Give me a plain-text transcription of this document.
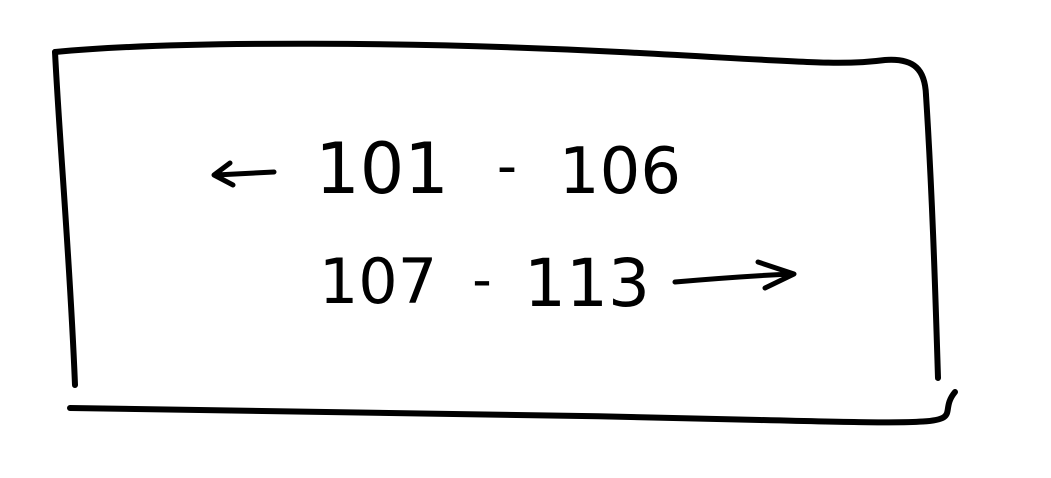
101 - 106
107 - 113
